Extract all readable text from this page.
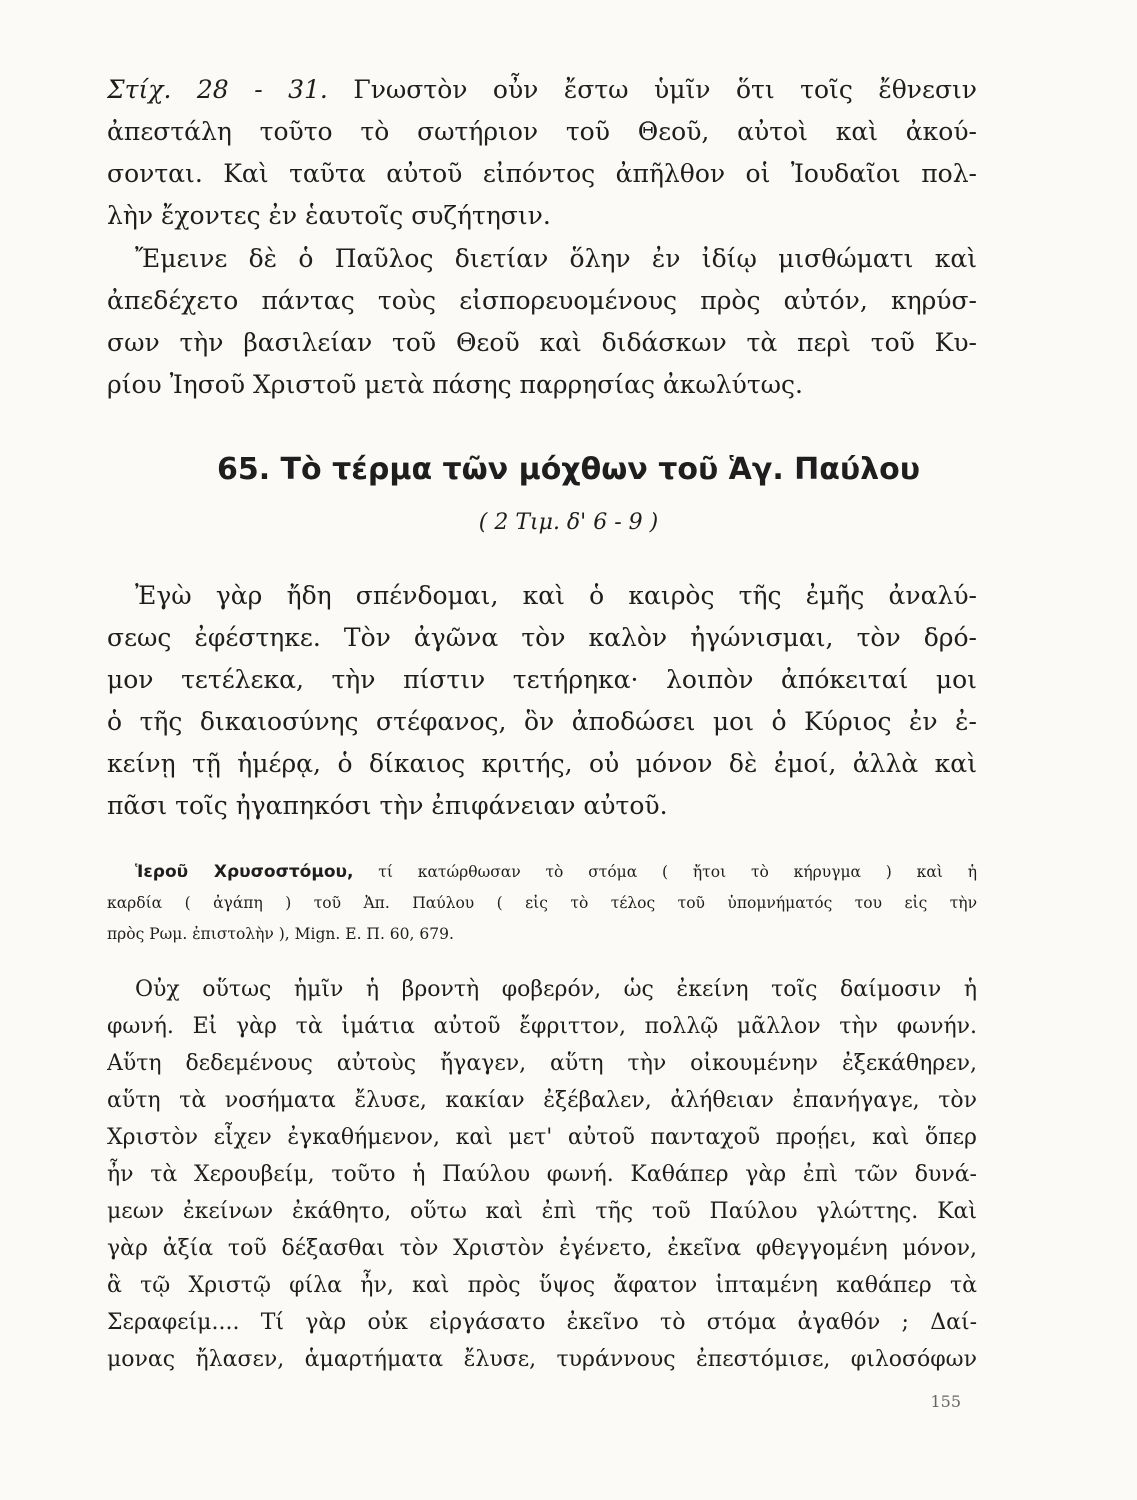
Στίχ. 28 - 31. Γνωστὸν οὖν ἔστω ὑμῖν ὅτι τοῖς ἔθνεσιν
ἀπεστάλη τοῦτο τὸ σωτήριον τοῦ Θεοῦ, αὐτοὶ καὶ ἀκού-
σονται. Καὶ ταῦτα αὐτοῦ εἰπόντος ἀπῆλθον οἱ Ἰουδαῖοι πολ-
λὴν ἔχοντες ἐν ἑαυτοῖς συζήτησιν.
Ἔμεινε δὲ ὁ Παῦλος διετίαν ὅλην ἐν ἰδίῳ μισθώματι καὶ
ἀπεδέχετο πάντας τοὺς εἰσπορευομένους πρὸς αὐτόν, κηρύσ-
σων τὴν βασιλείαν τοῦ Θεοῦ καὶ διδάσκων τὰ περὶ τοῦ Κυ-
ρίου Ἰησοῦ Χριστοῦ μετὰ πάσης παρρησίας ἀκωλύτως.
65. Τὸ τέρμα τῶν μόχθων τοῦ Ἁγ. Παύλου
( 2 Τιμ. δ' 6 - 9 )
Ἐγὼ γὰρ ἤδη σπένδομαι, καὶ ὁ καιρὸς τῆς ἐμῆς ἀναλύ-
σεως ἐφέστηκε. Τὸν ἀγῶνα τὸν καλὸν ἠγώνισμαι, τὸν δρό-
μον τετέλεκα, τὴν πίστιν τετήρηκα· λοιπὸν ἀπόκειταί μοι
ὁ τῆς δικαιοσύνης στέφανος, ὃν ἀποδώσει μοι ὁ Κύριος ἐν ἐ-
κείνῃ τῇ ἡμέρᾳ, ὁ δίκαιος κριτής, οὐ μόνον δὲ ἐμοί, ἀλλὰ καὶ
πᾶσι τοῖς ἠγαπηκόσι τὴν ἐπιφάνειαν αὐτοῦ.
Ἱεροῦ Χρυσοστόμου, τί κατώρθωσαν τὸ στόμα ( ἤτοι τὸ κήρυγμα ) καὶ ἡ
καρδία ( ἀγάπη ) τοῦ Ἀπ. Παύλου ( εἰς τὸ τέλος τοῦ ὑπομνήματός του εἰς τὴν
πρὸς Ρωμ. ἐπιστολὴν ), Mign. E. Π. 60, 679.
Οὐχ οὕτως ἡμῖν ἡ βροντὴ φοβερόν, ὡς ἐκείνη τοῖς δαίμοσιν ἡ
φωνή. Εἰ γὰρ τὰ ἱμάτια αὐτοῦ ἔφριττον, πολλῷ μᾶλλον τὴν φωνήν.
Αὕτη δεδεμένους αὐτοὺς ἤγαγεν, αὕτη τὴν οἰκουμένην ἐξεκάθηρεν,
αὕτη τὰ νοσήματα ἔλυσε, κακίαν ἐξέβαλεν, ἀλήθειαν ἐπανήγαγε, τὸν
Χριστὸν εἶχεν ἐγκαθήμενον, καὶ μετ' αὐτοῦ πανταχοῦ προῄει, καὶ ὅπερ
ἦν τὰ Χερουβείμ, τοῦτο ἡ Παύλου φωνή. Καθάπερ γὰρ ἐπὶ τῶν δυνά-
μεων ἐκείνων ἐκάθητο, οὕτω καὶ ἐπὶ τῆς τοῦ Παύλου γλώττης. Καὶ
γὰρ ἀξία τοῦ δέξασθαι τὸν Χριστὸν ἐγένετο, ἐκεῖνα φθεγγομένη μόνον,
ἃ τῷ Χριστῷ φίλα ἦν, καὶ πρὸς ὕψος ἄφατον ἱπταμένη καθάπερ τὰ
Σεραφείμ.... Τί γὰρ οὐκ εἰργάσατο ἐκεῖνο τὸ στόμα ἀγαθόν ; Δαί-
μονας ἤλασεν, ἁμαρτήματα ἔλυσε, τυράννους ἐπεστόμισε, φιλοσόφων
155
